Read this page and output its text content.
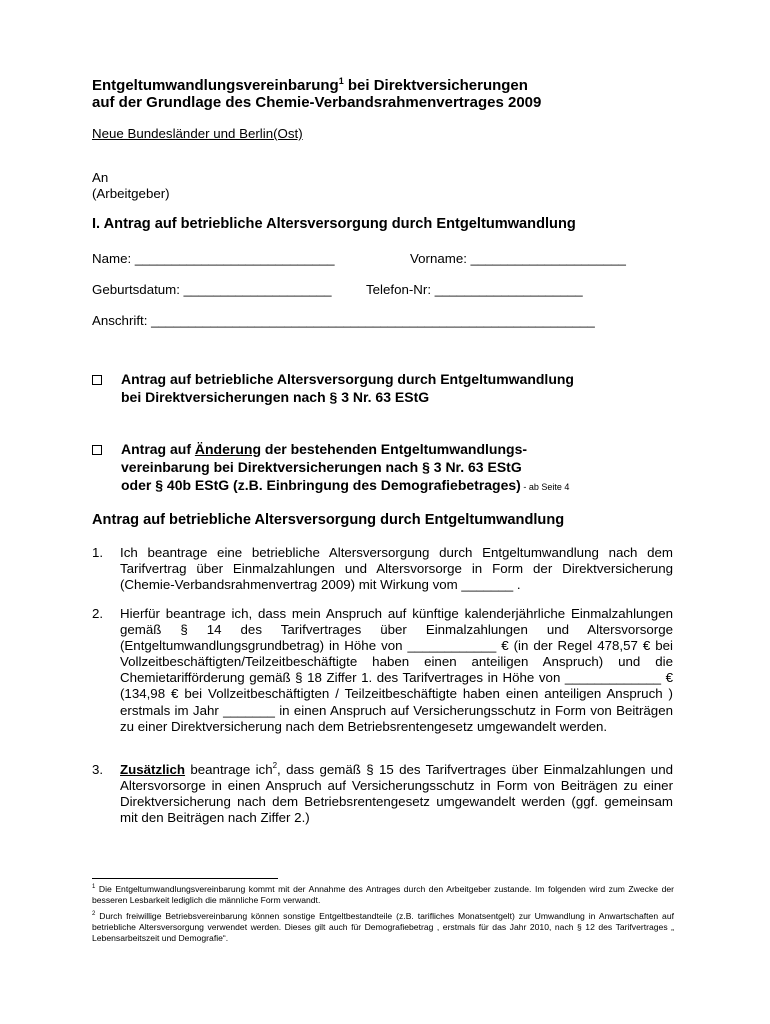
Entgeltumwandlungsvereinbarung$^1$ bei Direktversicherungen
auf der Grundlage des Chemie-Verbandsrahmenvertrages 2009
Neue Bundesländer und Berlin(Ost)
An
(Arbeitgeber)
I. Antrag auf betriebliche Altersversorgung durch Entgeltumwandlung
Name: ___________________________	Vorname: _____________________
Geburtsdatum: ____________________	Telefon-Nr: ____________________
Anschrift: ____________________________________________________________
Antrag auf betriebliche Altersversorgung durch Entgeltumwandlung
bei Direktversicherungen nach § 3 Nr. 63 EStG
Antrag auf Änderung der bestehenden Entgeltumwandlungs-
vereinbarung bei Direktversicherungen nach § 3 Nr. 63 EStG
oder § 40b EStG (z.B. Einbringung des Demografiebetrages) - ab Seite 4
Antrag auf betriebliche Altersversorgung durch Entgeltumwandlung
1. Ich beantrage eine betriebliche Altersversorgung durch Entgeltumwandlung nach dem Tarifvertrag über Einmalzahlungen und Altersvorsorge in Form der Direktversicherung (Chemie-Verbandsrahmenvertrag 2009) mit Wirkung vom _______ .
2. Hierfür beantrage ich, dass mein Anspruch auf künftige kalenderjährliche Einmalzahlungen gemäß § 14 des Tarifvertrages über Einmalzahlungen und Altersvorsorge (Entgeltumwandlungsgrundbetrag) in Höhe von ____________ € (in der Regel 478,57 € bei Vollzeitbeschäftigten/Teilzeitbeschäftigte haben einen anteiligen Anspruch) und die Chemietarifförderung gemäß § 18 Ziffer 1. des Tarifvertrages in Höhe von _____________ € (134,98 € bei Vollzeitbeschäftigten / Teilzeitbeschäftigte haben einen anteiligen Anspruch ) erstmals im Jahr _______ in einen Anspruch auf Versicherungsschutz in Form von Beiträgen zu einer Direktversicherung nach dem Betriebsrentengesetz umgewandelt werden.
3. Zusätzlich beantrage ich$^2$, dass gemäß § 15 des Tarifvertrages über Einmalzahlungen und Altersvorsorge in einen Anspruch auf Versicherungsschutz in Form von Beiträgen zu einer Direktversicherung nach dem Betriebsrentengesetz umgewandelt werden (ggf. gemeinsam mit den Beiträgen nach Ziffer 2.)
$^1$ Die Entgeltumwandlungsvereinbarung kommt mit der Annahme des Antrages durch den Arbeitgeber zustande. Im folgenden wird zum Zwecke der besseren Lesbarkeit lediglich die männliche Form verwandt.
$^2$ Durch freiwillige Betriebsvereinbarung können sonstige Entgeltbestandteile (z.B. tarifliches Monatsentgelt) zur Umwandlung in Anwartschaften auf betriebliche Altersversorgung verwendet werden. Dieses gilt auch für Demografiebetrag , erstmals für das Jahr 2010, nach § 12 des Tarifvertrages „ Lebensarbeitszeit und Demografie“.
